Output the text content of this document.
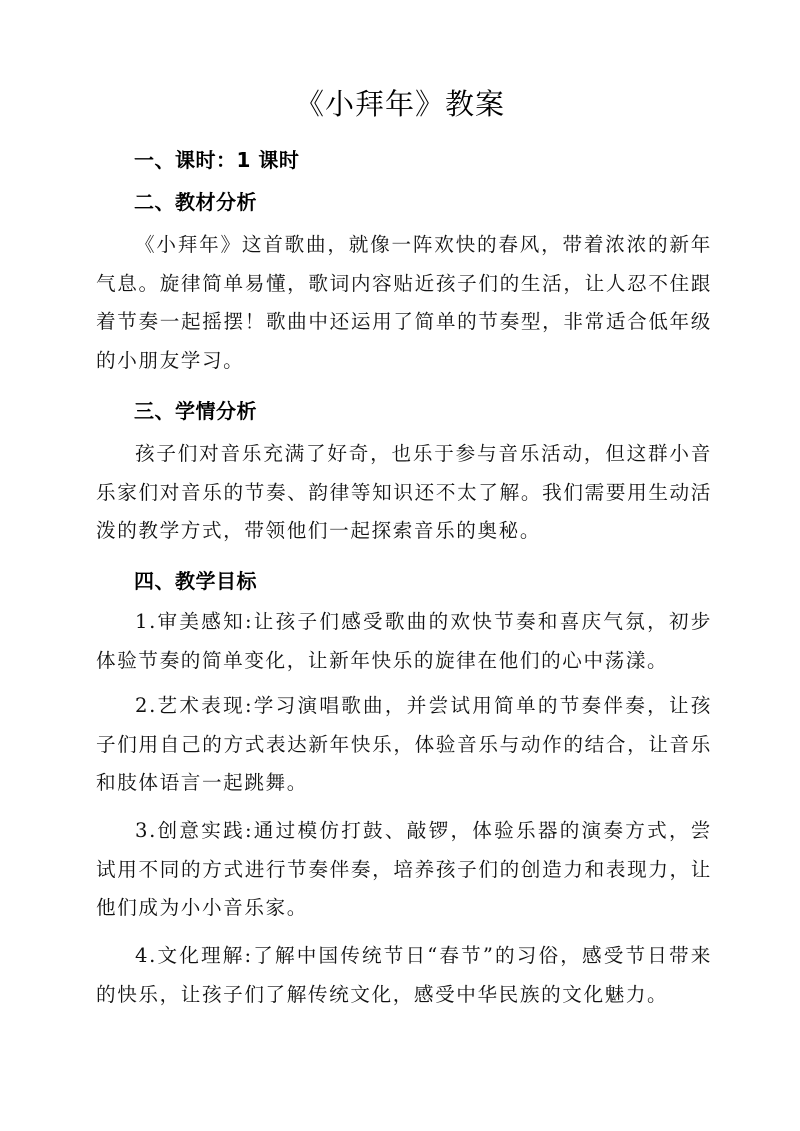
《小拜年》教案
一、课时：1 课时
二、教材分析

《小拜年》这首歌曲，就像一阵欢快的春风，带着浓浓的新年气息。旋律简单易懂，歌词内容贴近孩子们的生活，让人忍不住跟着节奏一起摇摆！歌曲中还运用了简单的节奏型，非常适合低年级的小朋友学习。

三、学情分析

孩子们对音乐充满了好奇，也乐于参与音乐活动，但这群小音乐家们对音乐的节奏、韵律等知识还不太了解。我们需要用生动活泼的教学方式，带领他们一起探索音乐的奥秘。

四、教学目标

1.审美感知:让孩子们感受歌曲的欢快节奏和喜庆气氛，初步体验节奏的简单变化，让新年快乐的旋律在他们的心中荡漾。

2.艺术表现:学习演唱歌曲，并尝试用简单的节奏伴奏，让孩子们用自己的方式表达新年快乐，体验音乐与动作的结合，让音乐和肢体语言一起跳舞。

3.创意实践:通过模仿打鼓、敲锣，体验乐器的演奏方式，尝试用不同的方式进行节奏伴奏，培养孩子们的创造力和表现力，让他们成为小小音乐家。

4.文化理解:了解中国传统节日“春节”的习俗，感受节日带来的快乐，让孩子们了解传统文化，感受中华民族的文化魅力。
